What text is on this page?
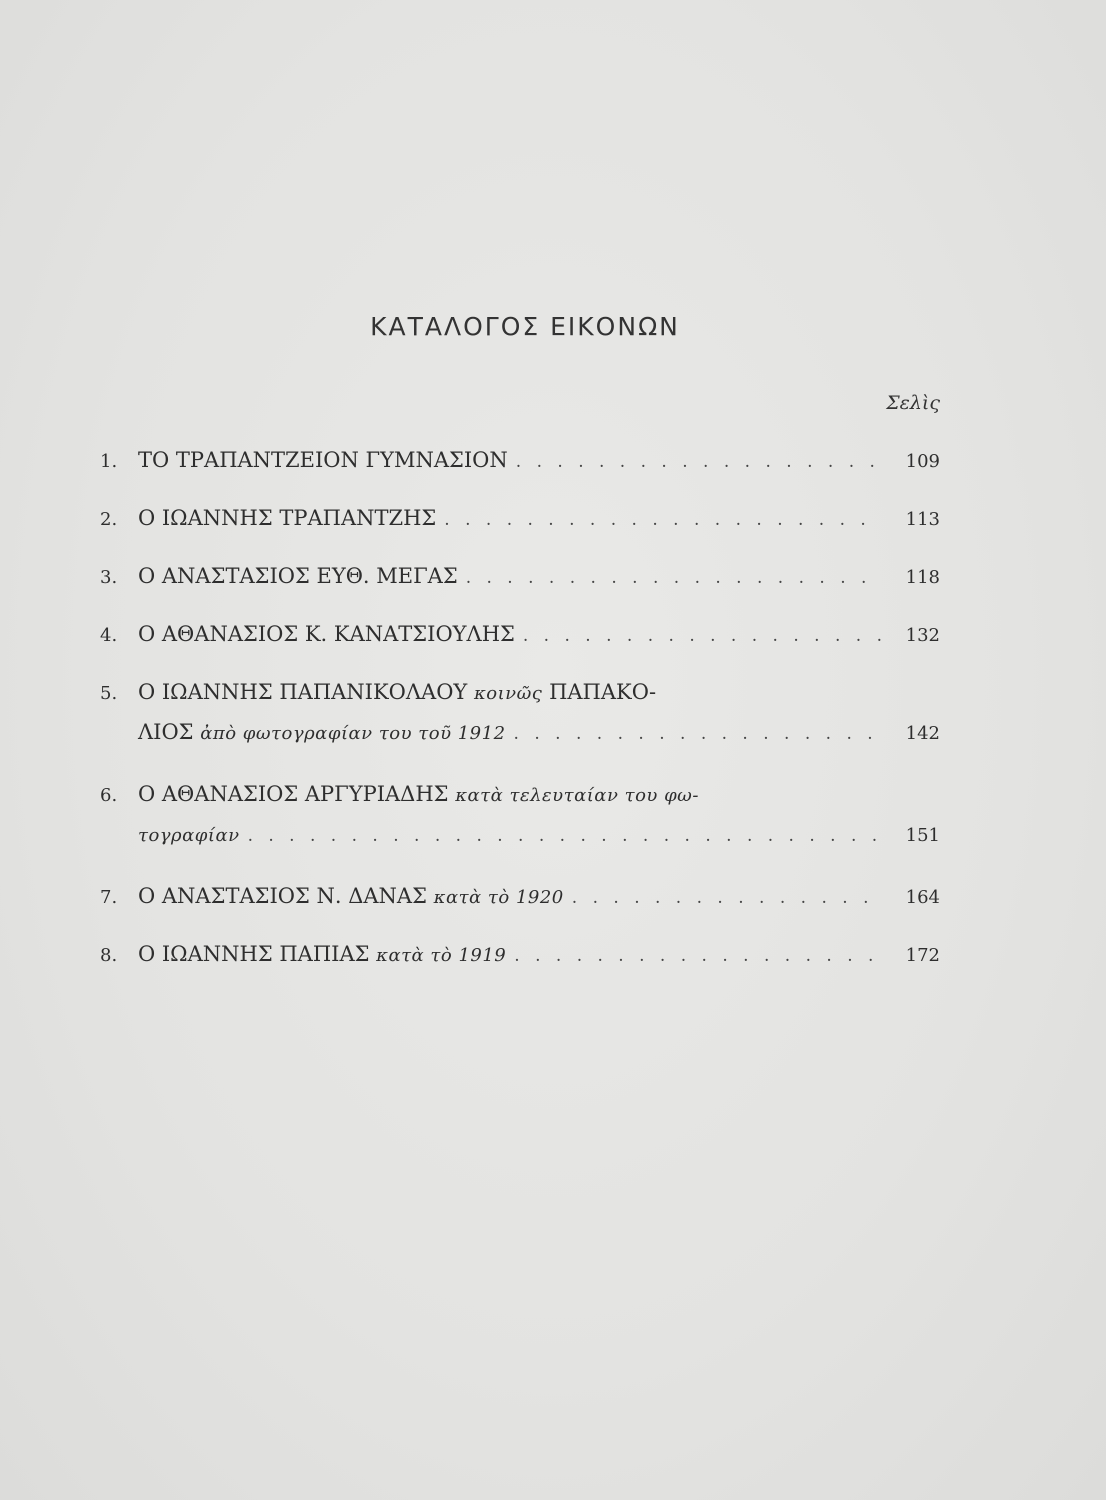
ΚΑΤΑΛΟΓΟΣ ΕΙΚΟΝΩΝ
Σελὶς
1. ΤΟ ΤΡΑΠΑΝΤΖΕΙΟΝ ΓΥΜΝΑΣΙΟΝ . . .	109
2. Ο ΙΩΑΝΝΗΣ ΤΡΑΠΑΝΤΖΗΣ . . .	113
3. Ο ΑΝΑΣΤΑΣΙΟΣ ΕΥΘ. ΜΕΓΑΣ . . .	118
4. Ο ΑΘΑΝΑΣΙΟΣ Κ. ΚΑΝΑΤΣΙΟΥΛΗΣ . . .	132
5. Ο ΙΩΑΝΝΗΣ ΠΑΠΑΝΙΚΟΛΑΟΥ κοινῶς ΠΑΠΑΚΟ-
ΛΙΟΣ ἀπὸ φωτογραφίαν του τοῦ 1912 . . .	142
6. Ο ΑΘΑΝΑΣΙΟΣ ΑΡΓΥΡΙΑΔΗΣ κατὰ τελευταίαν του φω-
τογραφίαν . . .	151
7. Ο ΑΝΑΣΤΑΣΙΟΣ Ν. ΔΑΝΑΣ κατὰ τὸ 1920 . . .	164
8. Ο ΙΩΑΝΝΗΣ ΠΑΠΙΑΣ κατὰ τὸ 1919 . . .	172
